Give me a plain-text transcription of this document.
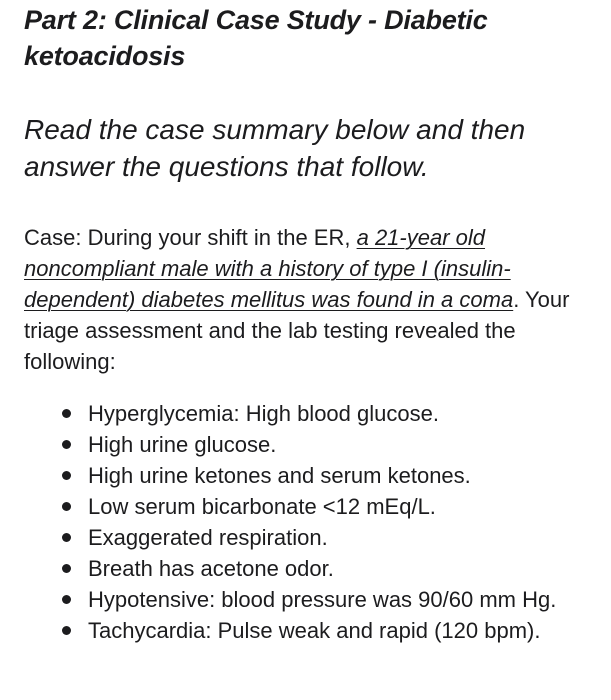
Part 2: Clinical Case Study - Diabetic ketoacidosis
Read the case summary below and then answer the questions that follow.

Case: During your shift in the ER, a 21-year old noncompliant male with a history of type I (insulin-dependent) diabetes mellitus was found in a coma. Your triage assessment and the lab testing revealed the following:

Hyperglycemia: High blood glucose.
High urine glucose.
High urine ketones and serum ketones.
Low serum bicarbonate <12 mEq/L.
Exaggerated respiration.
Breath has acetone odor.
Hypotensive: blood pressure was 90/60 mm Hg.
Tachycardia: Pulse weak and rapid (120 bpm).
